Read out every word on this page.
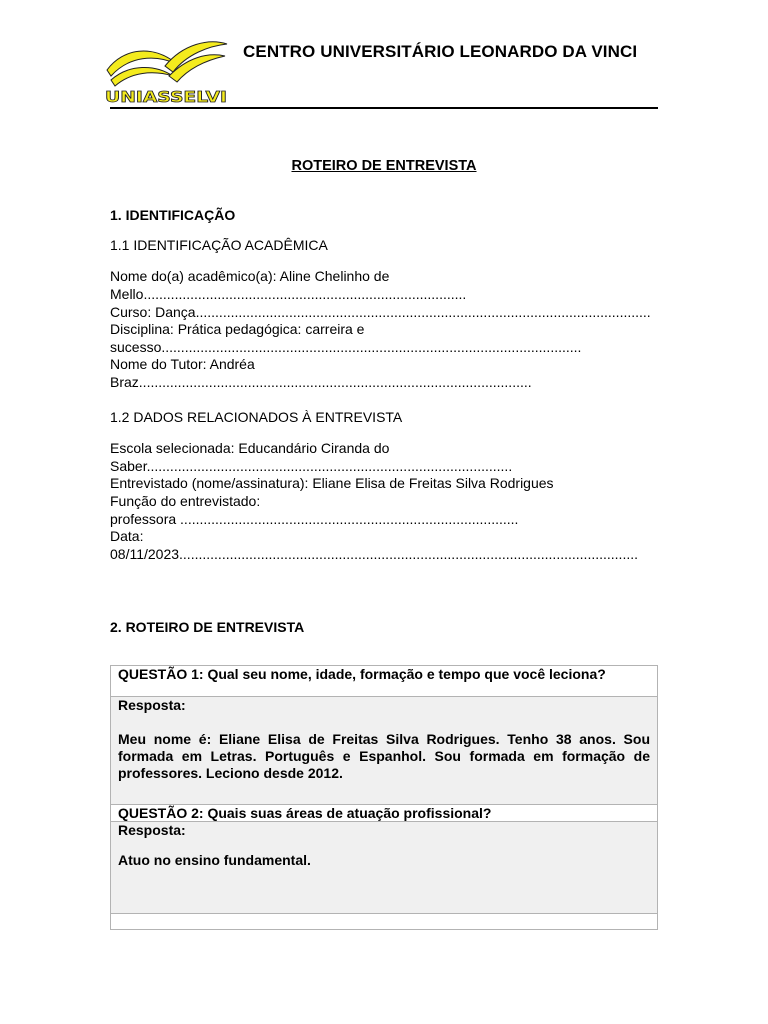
UNIASSELVI
CENTRO UNIVERSITÁRIO LEONARDO DA VINCI
ROTEIRO DE ENTREVISTA
1. IDENTIFICAÇÃO
1.1 IDENTIFICAÇÃO ACADÊMICA
Nome do(a) acadêmico(a): Aline Chelinho de
Mello...................................................................................
Curso: Dança.....................................................................................................................
Disciplina: Prática pedagógica: carreira e
sucesso............................................................................................................
Nome do Tutor: Andréa
Braz.....................................................................................................
1.2 DADOS RELACIONADOS À ENTREVISTA
Escola selecionada: Educandário Ciranda do
Saber..............................................................................................
Entrevistado (nome/assinatura): Eliane Elisa de Freitas Silva Rodrigues
Função do entrevistado:
professora .......................................................................................
Data:
08/11/2023......................................................................................................................
2. ROTEIRO DE ENTREVISTA
QUESTÃO 1: Qual seu nome, idade, formação e tempo que você leciona?

Resposta:
Meu nome é: Eliane Elisa de Freitas Silva Rodrigues. Tenho 38 anos. Sou formada em Letras. Português e Espanhol. Sou formada em formação de professores. Leciono desde 2012.

QUESTÃO 2: Quais suas áreas de atuação profissional?

Resposta:
Atuo no ensino fundamental.
